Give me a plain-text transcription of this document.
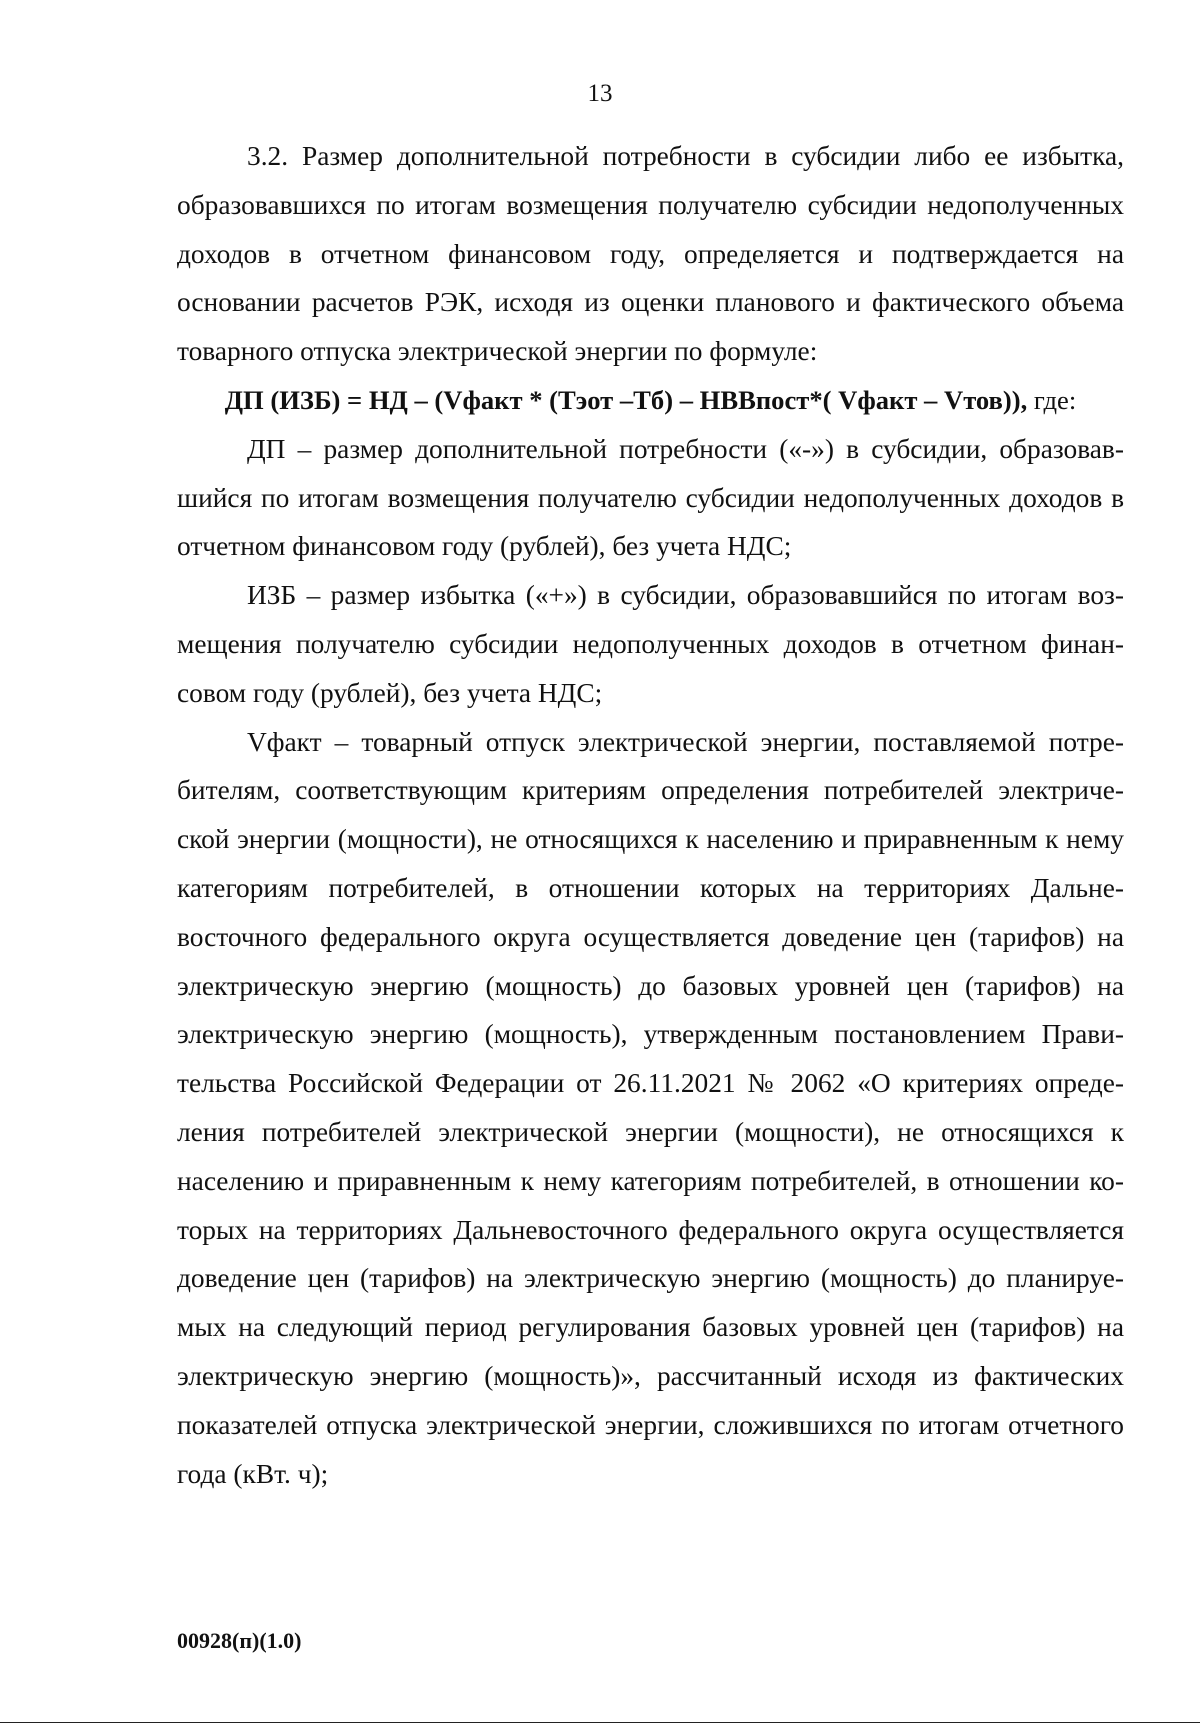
13

3.2. Размер дополнительной потребности в субсидии либо ее избытка, образовавшихся по итогам возмещения получателю субсидии недополученных доходов в отчетном финансовом году, определяется и подтверждается на основании расчетов РЭК, исходя из оценки планового и фактического объема товарного отпуска электрической энергии по формуле:

ДП (ИЗБ) = НД – (Vфакт * (Тэот –Тб) – НВВпост*( Vфакт – Vтов)), где:

ДП – размер дополнительной потребности («-») в субсидии, образовавшийся по итогам возмещения получателю субсидии недополученных доходов в отчетном финансовом году (рублей), без учета НДС;

ИЗБ – размер избытка («+») в субсидии, образовавшийся по итогам возмещения получателю субсидии недополученных доходов в отчетном финансовом году (рублей), без учета НДС;

Vфакт – товарный отпуск электрической энергии, поставляемой потребителям, соответствующим критериям определения потребителей электрической энергии (мощности), не относящихся к населению и приравненным к нему категориям потребителей, в отношении которых на территориях Дальневосточного федерального округа осуществляется доведение цен (тарифов) на электрическую энергию (мощность) до базовых уровней цен (тарифов) на электрическую энергию (мощность), утвержденным постановлением Правительства Российской Федерации от 26.11.2021 № 2062 «О критериях определения потребителей электрической энергии (мощности), не относящихся к населению и приравненным к нему категориям потребителей, в отношении которых на территориях Дальневосточного федерального округа осуществляется доведение цен (тарифов) на электрическую энергию (мощность) до планируемых на следующий период регулирования базовых уровней цен (тарифов) на электрическую энергию (мощность)», рассчитанный исходя из фактических показателей отпуска электрической энергии, сложившихся по итогам отчетного года (кВт. ч);

00928(п)(1.0)
